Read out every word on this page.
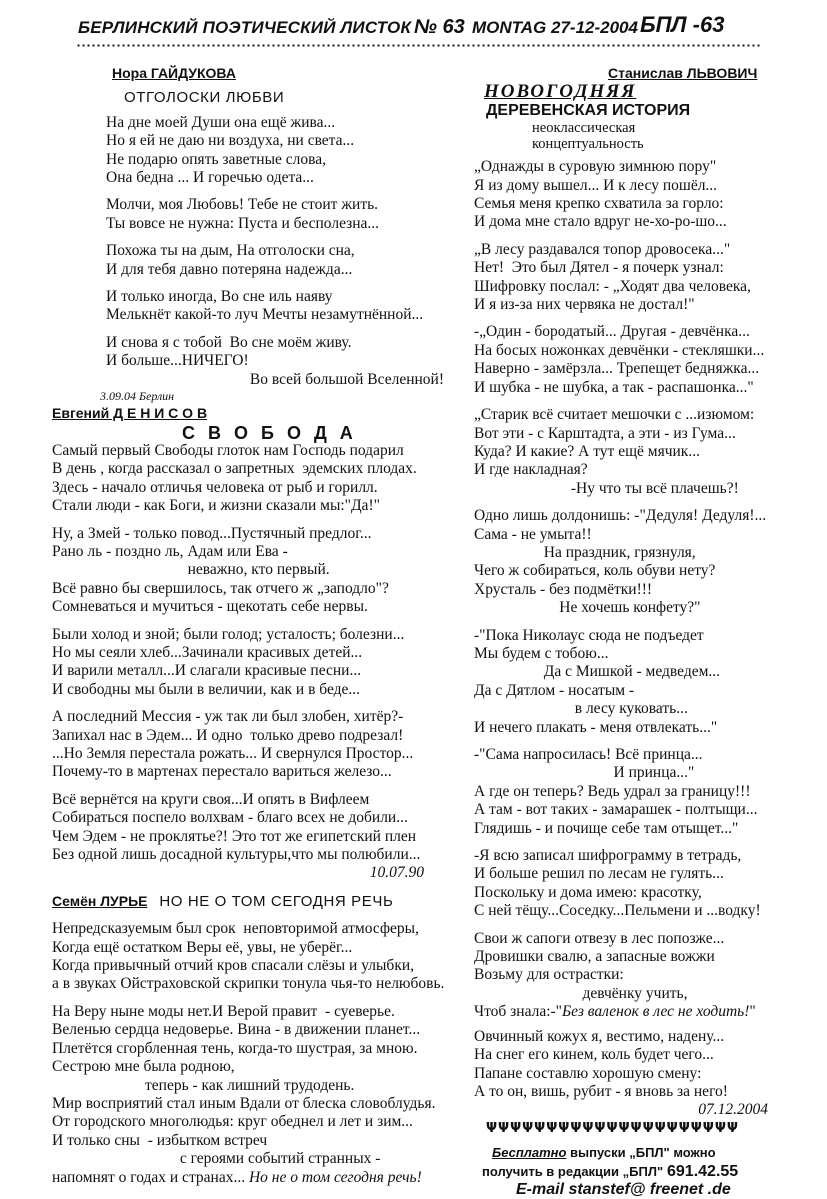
БЕРЛИНСКИЙ ПОЭТИЧЕСКИЙ ЛИСТОК № 63 MONTAG 27-12-2004 БПЛ -63
Нора ГАЙДУКОВА
ОТГОЛОСКИ ЛЮБВИ
На дне моей Души она ещё жива...
Но я ей не даю ни воздуха, ни света...
Не подарю опять заветные слова,
Она бедна ... И горечью одета...
Молчи, моя Любовь! Тебе не стоит жить.
Ты вовсе не нужна: Пуста и бесполезна...
Похожа ты на дым, На отголоски сна,
И для тебя давно потеряна надежда...
И только иногда, Во сне иль наяву
Мелькнёт какой-то луч Мечты незамутнённой...
И снова я с тобой  Во сне моём живу.
И больше...НИЧЕГО!
Во всей большой Вселенной!
3.09.04 Берлин
Евгений Д Е Н И С О В
С В О Б О Д А
Самый первый Свободы глоток нам Господь подарил
В день , когда рассказал о запретных  эдемских плодах.
Здесь - начало отличья человека от рыб и горилл.
Стали люди - как Боги, и жизни сказали мы:"Да!"
Ну, а Змей - только повод...Пустячный предлог...
Рано ль - поздно ль, Адам или Ева -
неважно, кто первый.
Всё равно бы свершилось, так отчего ж „заподло"?
Сомневаться и мучиться - щекотать себе нервы.
Были холод и зной; были голод; усталость; болезни...
Но мы сеяли хлеб...Зачинали красивых детей...
И варили металл...И слагали красивые песни...
И свободны мы были в величии, как и в беде...
А последний Мессия - уж так ли был злобен, хитёр?-
Запихал нас в Эдем... И одно  только древо подрезал!
...Но Земля перестала рожать... И свернулся Простор...
Почему-то в мартенах перестало вариться железо...
Всё вернётся на круги своя...И опять в Вифлеем
Собираться поспело волхвам - благо всех не добили...
Чем Эдем - не проклятье?! Это тот же египетский плен
Без одной лишь досадной культуры,что мы полюбили...
10.07.90
Семён ЛУРЬЕ НО НЕ О ТОМ СЕГОДНЯ РЕЧЬ
Непредсказуемым был срок  неповторимой атмосферы,
Когда ещё остатком Веры её, увы, не уберёг...
Когда привычный отчий кров спасали слёзы и улыбки,
а в звуках Ойстраховской скрипки тонула чья-то нелюбовь.
На Веру ныне моды нет.И Верой правит  - суеверье.
Веленью сердца недоверье. Вина - в движении планет...
Плетётся сгорбленная тень, когда-то шустрая, за мною.
Сестрою мне была родною,
теперь - как лишний трудодень.
Мир восприятий стал иным Вдали от блеска словоблудья.
От городского многолюдья: круг обеднел и лет и зим...
И только сны  - избытком встреч
с героями событий странных -
напомнят о годах и странах... Но не о том сегодня речь!
Станислав ЛЬВОВИЧ
НОВОГОДНЯЯ
ДЕРЕВЕНСКАЯ ИСТОРИЯ
неоклассическая
концептуальность
„Однажды в суровую зимнюю пору"
Я из дому вышел... И к лесу пошёл...
Семья меня крепко схватила за горло:
И дома мне стало вдруг не-хо-ро-шо...
„В лесу раздавался топор дровосека..."
Нет!  Это был Дятел - я почерк узнал:
Шифровку послал: - „Ходят два человека,
И я из-за них червяка не достал!"
-„Один - бородатый... Другая - девчёнка...
На босых ножонках девчёнки - стекляшки...
Наверно - замёрзла... Трепещет бедняжка...
И шубка - не шубка, а так - распашонка..."
„Старик всё считает мешочки с ...изюмом:
Вот эти - с Карштадта, а эти - из Гума...
Куда? И какие? А тут ещё мячик...
И где накладная?
-Ну что ты всё плачешь?!
Одно лишь долдонишь: -"Дедуля! Дедуля!...
Сама - не умыта!!
На праздник, грязнуля,
Чего ж собираться, коль обуви нету?
Хрусталь - без подмётки!!!
Не хочешь конфету?"
-"Пока Николаус сюда не подъедет
Мы будем с тобою...
Да с Мишкой - медведем...
Да с Дятлом - носатым -
в лесу куковать...
И нечего плакать - меня отвлекать..."
-"Сама напросилась! Всё принца...
И принца..."
А где он теперь? Ведь удрал за границу!!!
А там - вот таких - замарашек - полтыщи...
Глядишь - и почище себе там отыщет..."
-Я всю записал шифрограмму в тетрадь,
И больше решил по лесам не гулять...
Поскольку и дома имею: красотку,
С ней тёщу...Соседку...Пельмени и ...водку!
Свои ж сапоги отвезу в лес попозже...
Дровишки свалю, а запасные вожжи
Возьму для острастки:
девчёнку учить,
Чтоб знала:-"Без валенок в лес не ходить!"
Овчинный кожух я, вестимо, надену...
На снег его кинем, коль будет чего...
Папане составлю хорошую смену:
А то он, вишь, рубит - я вновь за него!
07.12.2004
ΨΨΨΨΨΨΨΨΨΨΨΨΨΨΨΨΨΨΨΨΨ
Бесплатно выпуски „БПЛ" можно
получить в редакции „БПЛ" 691.42.55
E-mail stanstef@ freenet .de
